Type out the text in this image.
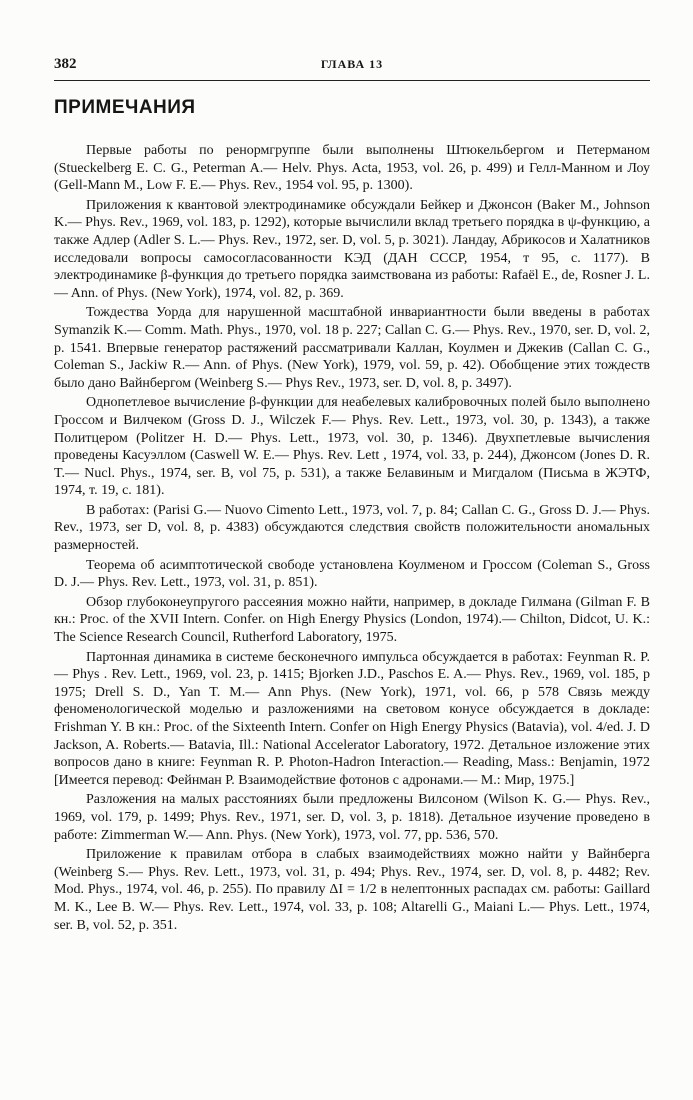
382	ГЛАВА 13
ПРИМЕЧАНИЯ

Первые работы по ренормгруппе были выполнены Штюкельбергом и Петерманом (Stueckelberg E. C. G., Peterman A.— Helv. Phys. Acta, 1953, vol. 26, p. 499) и Гелл-Манном и Лоу (Gell-Mann M., Low F. E.— Phys. Rev., 1954 vol. 95, p. 1300).

Приложения к квантовой электродинамике обсуждали Бейкер и Джонсон (Baker M., Johnson K.— Phys. Rev., 1969, vol. 183, p. 1292), которые вычислили вклад третьего порядка в ψ-функцию, а также Адлер (Adler S. L.— Phys. Rev., 1972, ser. D, vol. 5, p. 3021). Ландау, Абрикосов и Халатников исследовали вопросы самосогласованности КЭД (ДАН СССР, 1954, т 95, с. 1177). В электродинамике β-функция до третьего порядка заимствована из работы: Rafaёl E., de, Rosner J. L.— Ann. of Phys. (New York), 1974, vol. 82, p. 369.

Тождества Уорда для нарушенной масштабной инвариантности были введены в работах Symanzik K.— Comm. Math. Phys., 1970, vol. 18 p. 227; Callan C. G.— Phys. Rev., 1970, ser. D, vol. 2, p. 1541. Впервые генератор растяжений рассматривали Каллан, Коулмен и Джекив (Callan C. G., Coleman S., Jackiw R.— Ann. of Phys. (New York), 1979, vol. 59, p. 42). Обобщение этих тождеств было дано Вайнбергом (Weinberg S.— Phys Rev., 1973, ser. D, vol. 8, p. 3497).

Однопетлевое вычисление β-функции для неабелевых калибровочных полей было выполнено Гроссом и Вилчеком (Gross D. J., Wilczek F.— Phys. Rev. Lett., 1973, vol. 30, p. 1343), а также Политцером (Politzer H. D.— Phys. Lett., 1973, vol. 30, p. 1346). Двухпетлевые вычисления проведены Касуэллом (Caswell W. E.— Phys. Rev. Lett , 1974, vol. 33, p. 244), Джонсом (Jones D. R. T.— Nucl. Phys., 1974, ser. B, vol 75, p. 531), а также Белавиным и Мигдалом (Письма в ЖЭТФ, 1974, т. 19, с. 181).

В работах: (Parisi G.— Nuovo Cimento Lett., 1973, vol. 7, p. 84; Callan C. G., Gross D. J.— Phys. Rev., 1973, ser D, vol. 8, p. 4383) обсуждаются следствия свойств положительности аномальных размерностей.

Теорема об асимптотической свободе установлена Коулменом и Гроссом (Coleman S., Gross D. J.— Phys. Rev. Lett., 1973, vol. 31, p. 851).

Обзор глубоконеупругого рассеяния можно найти, например, в докладе Гилмана (Gilman F. В кн.: Proc. of the XVII Intern. Confer. on High Energy Physics (London, 1974).— Chilton, Didcot, U. K.: The Science Research Council, Rutherford Laboratory, 1975.

Партонная динамика в системе бесконечного импульса обсуждается в работах: Feynman R. P.— Phys . Rev. Lett., 1969, vol. 23, p. 1415; Bjorken J.D., Paschos E. A.— Phys. Rev., 1969, vol. 185, p 1975; Drell S. D., Yan T. M.— Ann Phys. (New York), 1971, vol. 66, p 578 Связь между феноменологической моделью и разложениями на световом конусе обсуждается в докладе: Frishman Y. В кн.: Proc. of the Sixteenth Intern. Confer on High Energy Physics (Batavia), vol. 4/ed. J. D Jackson, A. Roberts.— Batavia, Ill.: National Accelerator Laboratory, 1972. Детальное изложение этих вопросов дано в книге: Feynman R. P. Photon-Hadron Interaction.— Reading, Mass.: Benjamin, 1972 [Имеется перевод: Фейнман Р. Взаимодействие фотонов с адронами.— М.: Мир, 1975.]

Разложения на малых расстояниях были предложены Вилсоном (Wilson K. G.— Phys. Rev., 1969, vol. 179, p. 1499; Phys. Rev., 1971, ser. D, vol. 3, p. 1818). Детальное изучение проведено в работе: Zimmerman W.— Ann. Phys. (New York), 1973, vol. 77, pp. 536, 570.

Приложение к правилам отбора в слабых взаимодействиях можно найти у Вайнберга (Weinberg S.— Phys. Rev. Lett., 1973, vol. 31, p. 494; Phys. Rev., 1974, ser. D, vol. 8, p. 4482; Rev. Mod. Phys., 1974, vol. 46, p. 255). По правилу ΔI = 1/2 в нелептонных распадах см. работы: Gaillard M. K., Lee B. W.— Phys. Rev. Lett., 1974, vol. 33, p. 108; Altarelli G., Maiani L.— Phys. Lett., 1974, ser. B, vol. 52, p. 351.
